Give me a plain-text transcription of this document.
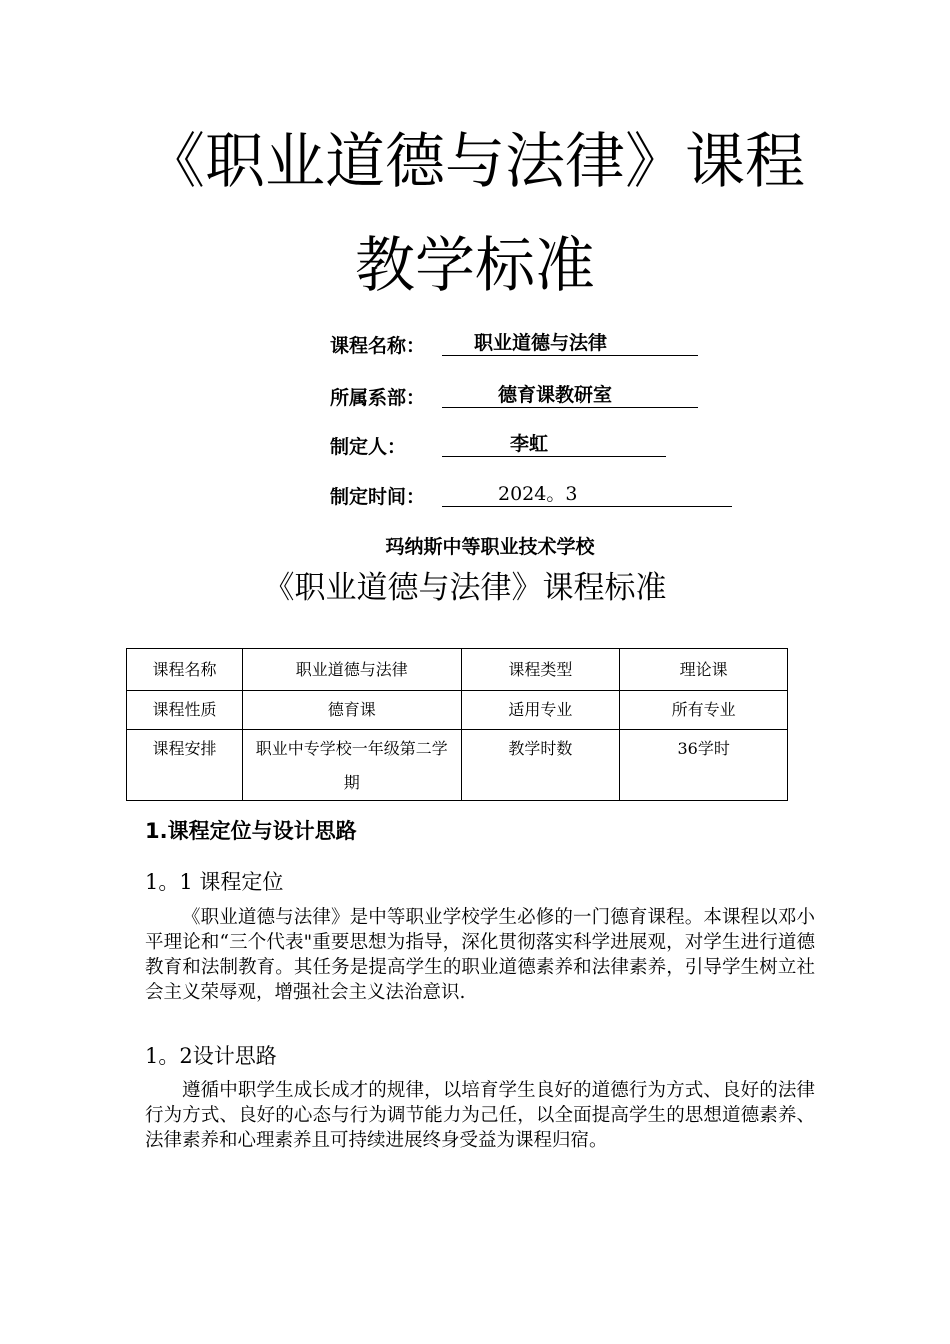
《职业道德与法律》课程
教学标准
课程名称：	职业道德与法律
所属系部：	德育课教研室
制定人：	李虹
制定时间：	2024。3
玛纳斯中等职业技术学校
《职业道德与法律》课程标准
课程名称	职业道德与法律	课程类型	理论课
课程性质	德育课	适用专业	所有专业
课程安排	职业中专学校一年级第二学期	教学时数	36学时
1.课程定位与设计思路
1。1 课程定位

《职业道德与法律》是中等职业学校学生必修的一门德育课程。本课程以邓小平理论和“三个代表"重要思想为指导，深化贯彻落实科学进展观，对学生进行道德教育和法制教育。其任务是提高学生的职业道德素养和法律素养，引导学生树立社会主义荣辱观，增强社会主义法治意识.

1。2设计思路

遵循中职学生成长成才的规律，以培育学生良好的道德行为方式、良好的法律行为方式、良好的心态与行为调节能力为己任，以全面提高学生的思想道德素养、法律素养和心理素养且可持续进展终身受益为课程归宿。
